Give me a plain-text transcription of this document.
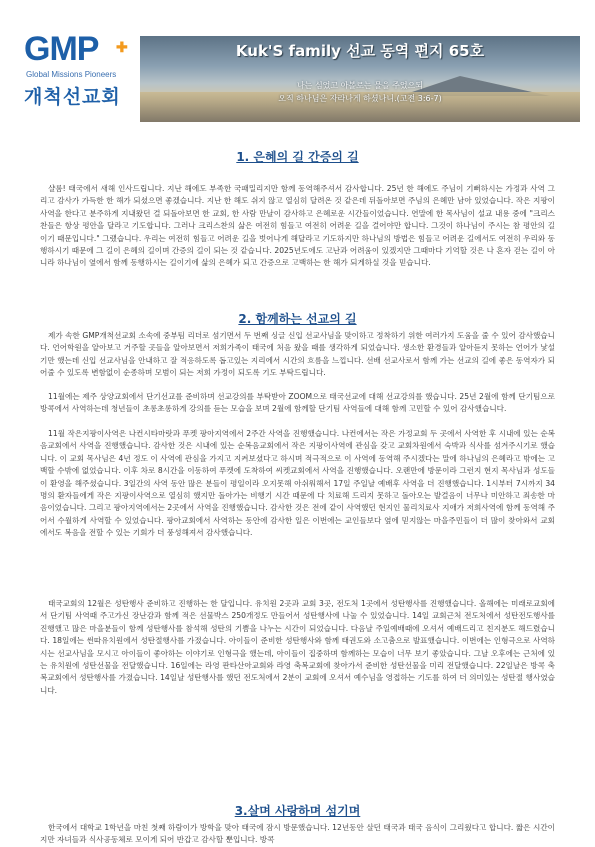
GMP ✚
Global Missions Pioneers
개척선교회
Kuk'S family 선교 동역 편지 65호
나는 심었고 아볼로는 물을 주었으되
오직 하나님은 자라나게 하셨나니.(고전 3:6-7)
1. 은혜의 길 간증의 길
샬롬! 태국에서 새해 인사드립니다. 지난 해에도 부족한 국패밀리지만 함께 동역해주셔서 감사합니다. 25년 한 해에도 주님이 기뻐하시는 가정과 사역 그리고 감사가 가득한 한 해가 되셨으면 좋겠습니다. 지난 한 해도 쉬지 않고 열심히 달려온 것 같은데 뒤돌아보면 주님의 은혜만 남아 있었습니다. 작은 지팡이 사역을 한다고 분주하게 지내왔던 걸 되돌아보면 한 교회, 한 사람 만날이 감사하고 은혜로운 시간들이었습니다. 연말에 한 목사님이 설교 내용 중에 "크리스찬들은 항상 평안을 달라고 기도합니다. 그러나 크리스찬의 삶은 여전히 힘들고 여전히 어려운 길을 걸어야만 합니다. 그것이 하나님이 주시는 참 평안의 길이기 때문입니다." 그랬습니다. 우리는 여전히 힘들고 어려운 길을 벗어나게 해달라고 기도하지만 하나님의 방법은 힘들고 어려운 길에서도 여전히 우리와 동행하시기 때문에 그 길이 은혜의 길이며 간증의 길이 되는 것 같습니다. 2025년도에도 고난과 어려움이 있겠지만 그때마다 기억할 것은 나 혼자 걷는 길이 아니라 하나님이 옆에서 함께 동행하시는 길이기에 삶의 은혜가 되고 간증으로 고백하는 한 해가 되게하실 것을 믿습니다.
2. 함께하는 선교의 길
제가 속한 GMP개척선교회 소속에 중부팀 리더로 섬기면서 두 번째 싱글 신입 선교사님을 맞이하고 정착하기 위한 여러가지 도움을 줄 수 있어 감사했습니다. 언어학원을 알아보고 거주할 곳들을 알아보면서 저희가족이 태국에 처음 왔을 때를 생각하게 되었습니다. 생소한 환경들과 알아듣지 못하는 언어가 낯설기만 했는데 신입 선교사님을 안내하고 잘 적응하도록 돕고있는 지리에서 시간의 흐름을 느낍니다. 선배 선교사로서 함께 가는 선교의 길에 좋은 동역자가 되어줄 수 있도록 변함없이 순종하며 모범이 되는 저희 가정이 되도록 기도 부탁드립니다.
11월에는 제주 상양교회에서 단기선교를 준비하며 선교강의를 부탁받아 ZOOM으로 태국선교에 대해 선교강의를 했습니다. 25년 2월에 함께 단기팀으로 방콕에서 사역하는데 청년들이 초롱초롱하게 강의를 듣는 모습을 보며 2월에 함께할 단기팀 사역들에 대해 함께 고민할 수 있어 감사했습니다.
11월 작은지팡이사역은 나컨시타마랏과 푸켓 팡아지역에서 2주간 사역을 진행했습니다. 나컨에서는 작은 가정교회 두 곳에서 사역한 후 시내에 있는 순복음교회에서 사역을 진행했습니다. 감사한 것은 시내에 있는 순복음교회에서 작은 지팡이사역에 관심을 갖고 교회차원에서 숙박과 식사를 섬겨주시기로 했습니다. 이 교회 목사님은 4년 정도 이 사역에 관심을 가지고 지켜보셨다고 하시며 적극적으로 이 사역에 동역해 주시겠다는 말에 하나님의 은혜라고 밖에는 고백할 수밖에 없었습니다. 이후 차로 8시간을 이동하여 푸켓에 도착하여 씨켓교회에서 사역을 진행했습니다. 오랜만에 방문이라 그런지 현지 목사님과 성도들이 환영을 해주셨습니다. 3일간의 사역 동안 많은 분들이 평일이라 오지못해 아쉬워해서 17일 주일날 예배후 사역을 더 진행했습니다. 1시부터 7시까지 34명의 환자들에게 작은 지팡이사역으로 열심히 했지만 돌아가는 비행기 시간 때문에 다 치료해 드리지 못하고 돌아오는 발걸음이 너무나 미안하고 죄송한 마음이었습니다. 그리고 팡아지역에서는 2곳에서 사역을 진행했습니다. 감사한 것은 전에 같이 사역했던 현지인 물리치료사 지애가 저희사역에 함께 동역해 주어서 수월하게 사역할 수 있었습니다. 팡아교회에서 사역하는 동안에 감사한 일은 이번에는 교인들보다 옆에 믿지않는 마을주민들이 더 많이 찾아와서 교회에서도 복음을 전할 수 있는 기회가 더 풍성해져서 감사했습니다.
태국교회의 12월은 성탄행사 준비하고 진행하는 한 달입니다. 유치원 2곳과 교회 3곳, 전도처 1곳에서 성탄행사를 진행했습니다. 올해에는 미래로교회에서 단기팀 사역때 주고가신 장난감과 함께 적은 선물박스 250개정도 만들어서 성탄행사에 나눌 수 있었습니다. 14일 교회근처 전도처에서 성탄전도행사를 진행했고 많은 마을분들이 함께 성탄행사를 참석해 성탄의 기쁨을 나누는 시간이 되었습니다. 다음날 주일예배때에 오셔서 예배드리고 친지분도 해드렸습니다. 18일에는 썬따유치원에서 성탄절행사를 가졌습니다. 아이들이 준비한 성탄행사와 함께 태권도와 소고춤으로 발표했습니다. 이번에는 인형극으로 사역하시는 선교사님을 모시고 아이들이 좋아하는 이야기로 인형극을 했는데, 아이들이 집중하며 함께하는 모습이 너무 보기 좋았습니다. 그날 오후에는 근처에 있는 유치원에 성탄선물을 전달했습니다. 16일에는 라영 판타산아교회와 라영 축복교회에 찾아가서 준비한 성탄선물을 미리 전달했습니다. 22일날은 방콕 축복교회에서 성탄행사를 가졌습니다. 14일날 성탄행사를 했던 전도처에서 2분이 교회에 오셔서 예수님을 영접하는 기도를 하여 더 의미있는 성탄절 행사였습니다.
3.살며 사랑하며 섬기며
한국에서 대학교 1학년을 마친 첫째 하람이가 방학을 맞아 태국에 잠시 방문했습니다. 12년동안 살던 태국과 태국 음식이 그리웠다고 합니다. 짧은 시간이지만 자녀들과 식사공동체로 모이게 되어 반갑고 감사할 뿐입니다. 방콕
